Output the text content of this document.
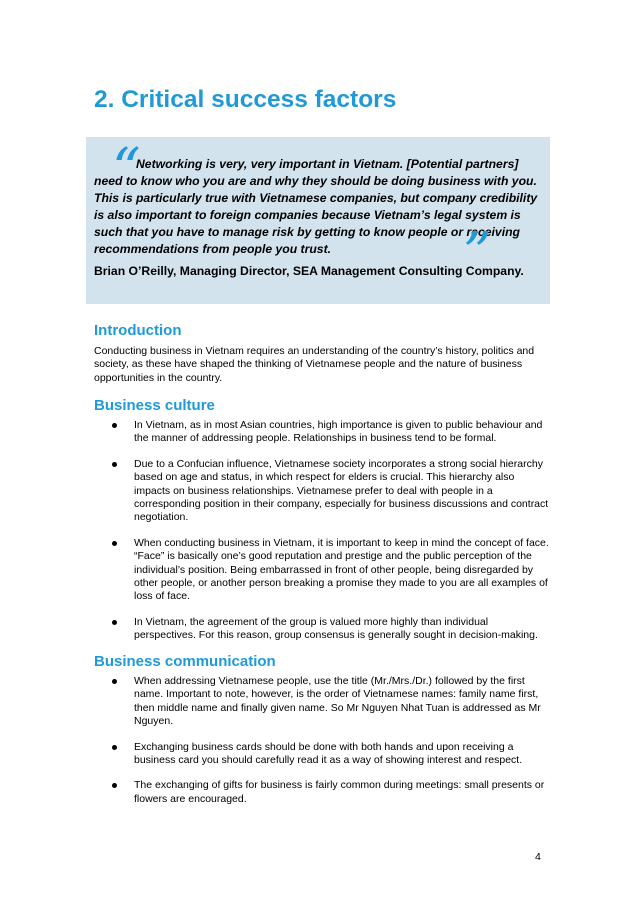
2. Critical success factors
“

Networking is very, very important in Vietnam. [Potential partners] need to know who you are and why they should be doing business with you. This is particularly true with Vietnamese companies, but company credibility is also important to foreign companies because Vietnam’s legal system is such that you have to manage risk by getting to know people or receiving recommendations from people you trust.	”

Brian O’Reilly, Managing Director, SEA Management Consulting Company.

Introduction

Conducting business in Vietnam requires an understanding of the country’s history, politics and society, as these have shaped the thinking of Vietnamese people and the nature of business opportunities in the country.

Business culture
In Vietnam, as in most Asian countries, high importance is given to public behaviour and the manner of addressing people. Relationships in business tend to be formal.
Due to a Confucian influence, Vietnamese society incorporates a strong social hierarchy based on age and status, in which respect for elders is crucial. This hierarchy also impacts on business relationships. Vietnamese prefer to deal with people in a corresponding position in their company, especially for business discussions and contract negotiation.
When conducting business in Vietnam, it is important to keep in mind the concept of face. “Face” is basically one’s good reputation and prestige and the public perception of the individual’s position. Being embarrassed in front of other people, being disregarded by other people, or another person breaking a promise they made to you are all examples of loss of face.
In Vietnam, the agreement of the group is valued more highly than individual perspectives. For this reason, group consensus is generally sought in decision-making.
Business communication
When addressing Vietnamese people, use the title (Mr./Mrs./Dr.) followed by the first name. Important to note, however, is the order of Vietnamese names: family name first, then middle name and finally given name. So Mr Nguyen Nhat Tuan is addressed as Mr Nguyen.
Exchanging business cards should be done with both hands and upon receiving a business card you should carefully read it as a way of showing interest and respect.
The exchanging of gifts for business is fairly common during meetings: small presents or flowers are encouraged.

4
